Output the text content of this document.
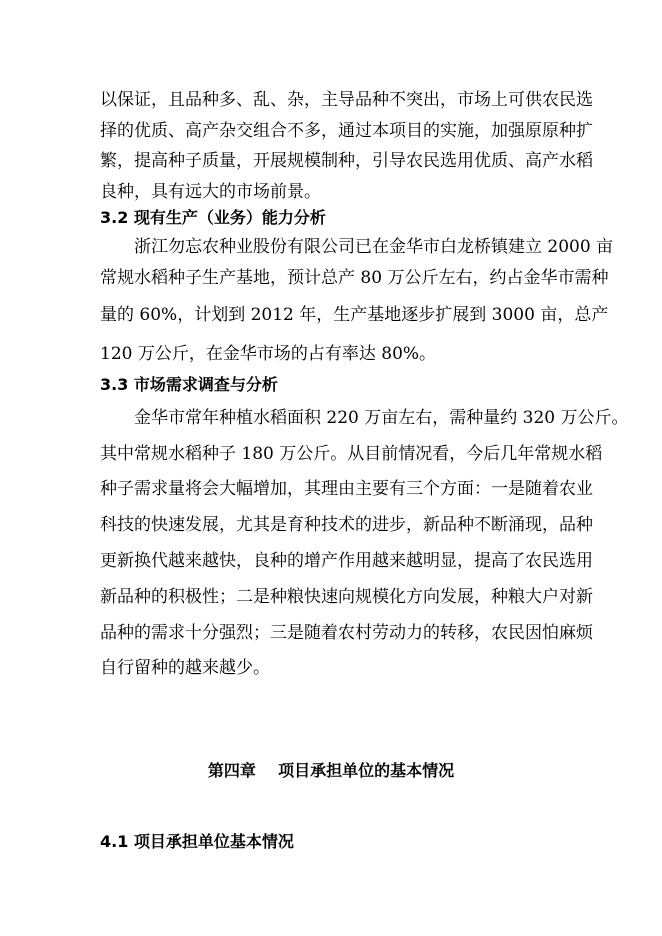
以保证，且品种多、乱、杂，主导品种不突出，市场上可供农民选
择的优质、高产杂交组合不多，通过本项目的实施，加强原原种扩
繁，提高种子质量，开展规模制种，引导农民选用优质、高产水稻
良种，具有远大的市场前景。
3.2 现有生产（业务）能力分析
浙江勿忘农种业股份有限公司已在金华市白龙桥镇建立 2000 亩
常规水稻种子生产基地，预计总产 80 万公斤左右，约占金华市需种
量的 60%，计划到 2012 年，生产基地逐步扩展到 3000 亩，总产
120 万公斤，在金华市场的占有率达 80%。
3.3 市场需求调查与分析
金华市常年种植水稻面积 220 万亩左右，需种量约 320 万公斤。
其中常规水稻种子 180 万公斤。从目前情况看，今后几年常规水稻
种子需求量将会大幅增加，其理由主要有三个方面：一是随着农业
科技的快速发展，尤其是育种技术的进步，新品种不断涌现，品种
更新换代越来越快，良种的增产作用越来越明显，提高了农民选用
新品种的积极性；二是种粮快速向规模化方向发展，种粮大户对新
品种的需求十分强烈；三是随着农村劳动力的转移，农民因怕麻烦
自行留种的越来越少。
第四章    项目承担单位的基本情况
4.1 项目承担单位基本情况
